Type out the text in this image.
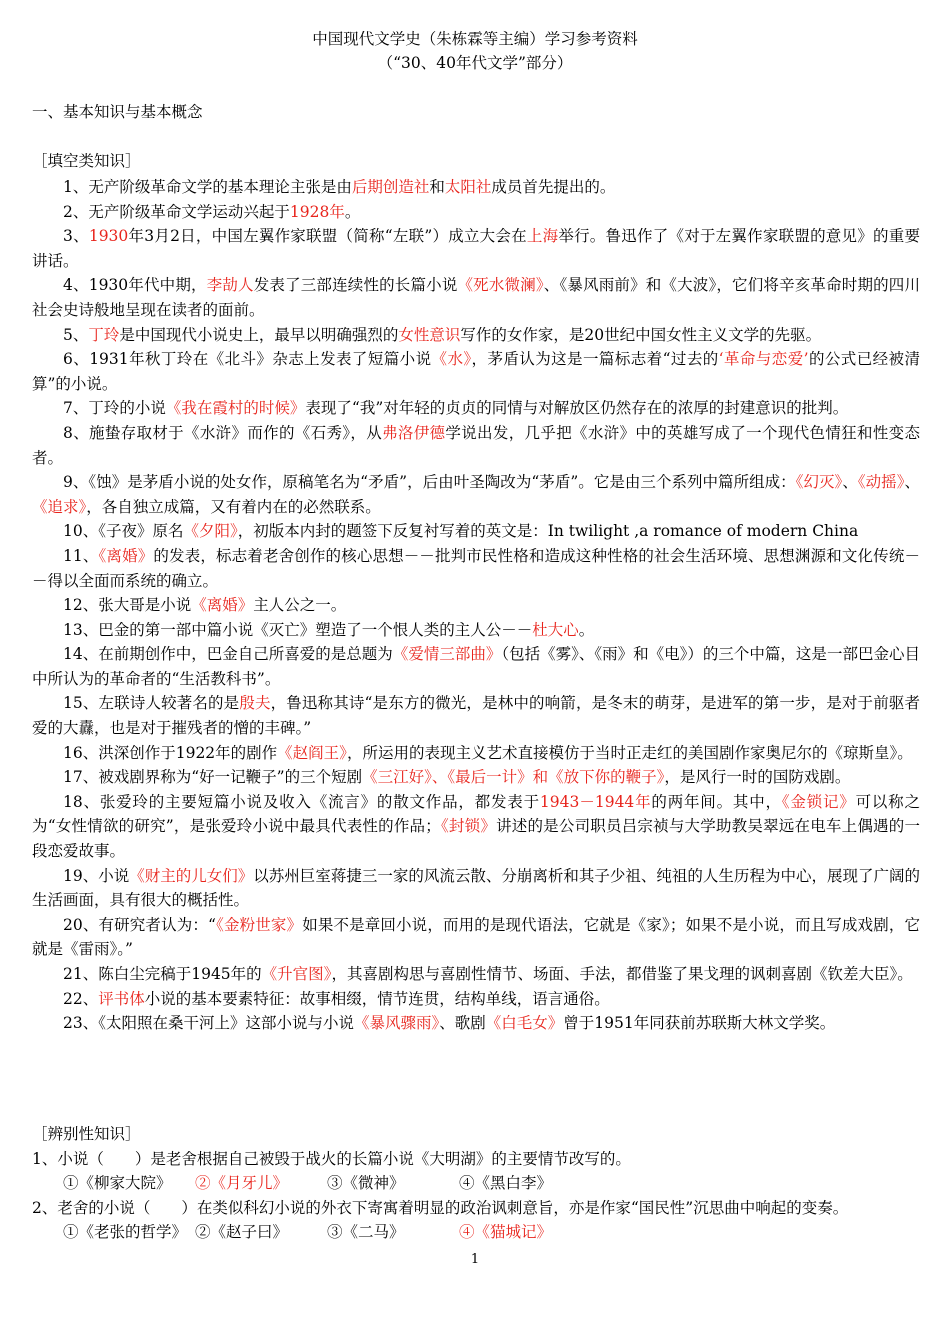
中国现代文学史（朱栋霖等主编）学习参考资料
（“30、40年代文学”部分）
一、基本知识与基本概念
［填空类知识］

1、无产阶级革命文学的基本理论主张是由后期创造社和太阳社成员首先提出的。

2、无产阶级革命文学运动兴起于1928年。

3、1930年3月2日，中国左翼作家联盟（简称“左联”）成立大会在上海举行。鲁迅作了《对于左翼作家联盟的意见》的重要讲话。

4、1930年代中期，李劼人发表了三部连续性的长篇小说《死水微澜》、《暴风雨前》和《大波》，它们将辛亥革命时期的四川社会史诗般地呈现在读者的面前。

5、丁玲是中国现代小说史上，最早以明确强烈的女性意识写作的女作家，是20世纪中国女性主义文学的先驱。

6、1931年秋丁玲在《北斗》杂志上发表了短篇小说《水》，茅盾认为这是一篇标志着“过去的‘革命与恋爱’的公式已经被清算”的小说。

7、丁玲的小说《我在霞村的时候》表现了“我”对年轻的贞贞的同情与对解放区仍然存在的浓厚的封建意识的批判。

8、施蛰存取材于《水浒》而作的《石秀》，从弗洛伊德学说出发，几乎把《水浒》中的英雄写成了一个现代色情狂和性变态者。

9、《蚀》是茅盾小说的处女作，原稿笔名为“矛盾”，后由叶圣陶改为“茅盾”。它是由三个系列中篇所组成：《幻灭》、《动摇》、《追求》，各自独立成篇，又有着内在的必然联系。

10、《子夜》原名《夕阳》，初版本内封的题签下反复衬写着的英文是：In twilight ,a romance of modern China

11、《离婚》的发表，标志着老舍创作的核心思想－－批判市民性格和造成这种性格的社会生活环境、思想渊源和文化传统－－得以全面而系统的确立。

12、张大哥是小说《离婚》主人公之一。

13、巴金的第一部中篇小说《灭亡》塑造了一个恨人类的主人公－－杜大心。

14、在前期创作中，巴金自己所喜爱的是总题为《爱情三部曲》（包括《雾》、《雨》和《电》）的三个中篇，这是一部巴金心目中所认为的革命者的“生活教科书”。

15、左联诗人较著名的是殷夫，鲁迅称其诗“是东方的微光，是林中的响箭，是冬末的萌芽，是进军的第一步，是对于前驱者爱的大纛，也是对于摧残者的憎的丰碑。”

16、洪深创作于1922年的剧作《赵阎王》，所运用的表现主义艺术直接模仿于当时正走红的美国剧作家奥尼尔的《琼斯皇》。

17、被戏剧界称为“好一记鞭子”的三个短剧《三江好》、《最后一计》和《放下你的鞭子》，是风行一时的国防戏剧。

18、张爱玲的主要短篇小说及收入《流言》的散文作品，都发表于1943－1944年的两年间。其中，《金锁记》可以称之为“女性情欲的研究”，是张爱玲小说中最具代表性的作品；《封锁》讲述的是公司职员吕宗祯与大学助教吴翠远在电车上偶遇的一段恋爱故事。

19、小说《财主的儿女们》以苏州巨室蒋捷三一家的风流云散、分崩离析和其子少祖、纯祖的人生历程为中心，展现了广阔的生活画面，具有很大的概括性。

20、有研究者认为：“《金粉世家》如果不是章回小说，而用的是现代语法，它就是《家》；如果不是小说，而且写成戏剧，它就是《雷雨》。”

21、陈白尘完稿于1945年的《升官图》，其喜剧构思与喜剧性情节、场面、手法，都借鉴了果戈理的讽刺喜剧《钦差大臣》。

22、评书体小说的基本要素特征：故事相缀，情节连贯，结构单线，语言通俗。

23、《太阳照在桑干河上》这部小说与小说《暴风骤雨》、歌剧《白毛女》曾于1951年同获前苏联斯大林文学奖。

［辨别性知识］
1、小说（　　）是老舍根据自己被毁于战火的长篇小说《大明湖》的主要情节改写的。
①《柳家大院》 ②《月牙儿》	③《微神》	④《黑白李》
2、老舍的小说（　　）在类似科幻小说的外衣下寄寓着明显的政治讽刺意旨，亦是作家“国民性”沉思曲中响起的变奏。
①《老张的哲学》 ②《赵子曰》	③《二马》	④《猫城记》
1
